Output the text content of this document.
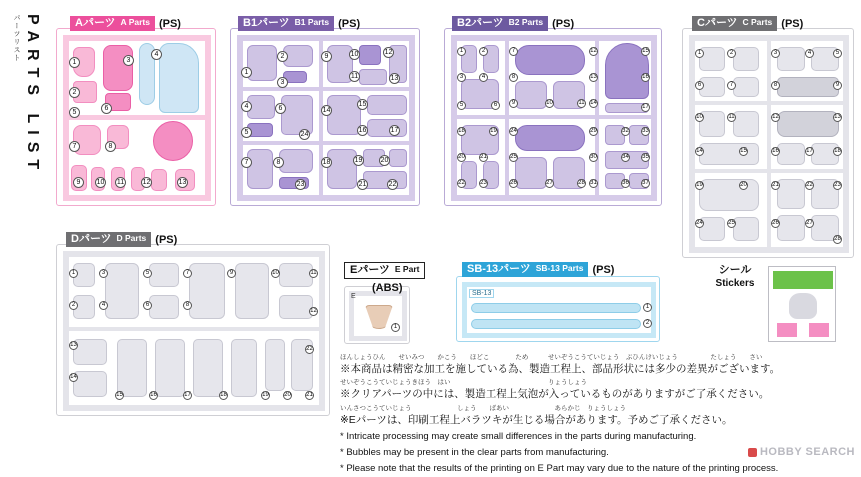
パーツリスト PARTS LIST	Aパーツ A Parts (PS)
1
2
3
4
5
6
7	8
9	10 11	12	13
B1パーツ B1 Parts (PS)
1
2
3
4
5
6
7	8
9	10
11
12
13
14
15
16	17
18	19	20
21	22
23
24
B2パーツ B2 Parts (PS)
1	2
3	4
5	6
7
8
9	10	11
12
13
14
15
16
17
18	19
20	21
22	23
24
25
26	27	28
29
30
31
32 33
34 35
36 37
Cパーツ C Parts (PS)
1	2	3	4	5
6	7	8	9
10	11	12	13
14	15	16	17	18
19	20	21	22	23
24	25	26	27
28
Dパーツ D Parts (PS)
1
2
3
4
5
6
7
8
9	10	11
12
13
14
15	16	17	18	19	20	21
22
Eパーツ E Part
(ABS)
E
1
SB-13パーツ SB-13 Parts (PS)
SB-13
1
2
シール
Stickers
ほんしょうひん　　せいみつ　　かこう　　ほどこ　　　　ため　　　せいぞうこうていじょう　ぶひんけいじょう　　　　　たしょう　　さい
※本商品は精密な加工を施している為、製造工程上、部品形状には多少の差異がございます。
せいぞうこうていじょうきほう　はい　　　　　　　　　　　　　　　りょうしょう
※クリアパーツの中には、製造工程上気泡が入っているものがありますがご了承ください。
いんさつこうていじょう　　　　　　　しょう　　ばあい　　　　　　　あらかじ　りょうしょう
※Eパーツは、印刷工程上バラツキが生じる場合があります。予めご了承ください。
* Intricate processing may create small differences in the parts during manufacturing.
* Bubbles may be present in the clear parts from manufacturing.
* Please note that the results of the printing on E Part may vary due to the nature of the printing process.
HOBBY SEARCH
